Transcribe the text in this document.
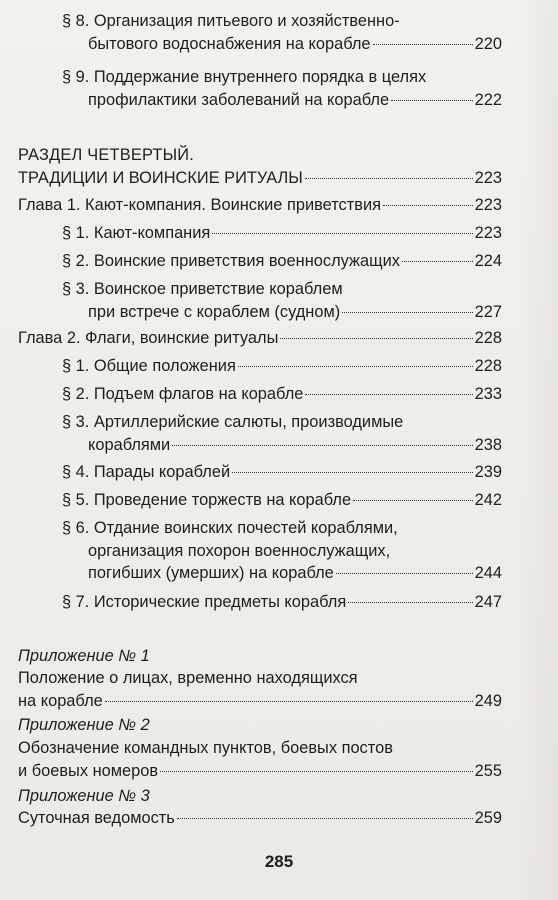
§ 8. Организация питьевого и хозяйственно-
бытового водоснабжения на корабле	220
§ 9. Поддержание внутреннего порядка в целях
профилактики заболеваний на корабле	222
РАЗДЕЛ ЧЕТВЕРТЫЙ.
ТРАДИЦИИ И ВОИНСКИЕ РИТУАЛЫ	223
Глава 1. Кают-компания. Воинские приветствия	223
§ 1. Кают-компания	223
§ 2. Воинские приветствия военнослужащих	224
§ 3. Воинское приветствие кораблем
при встрече с кораблем (судном)	227
Глава 2. Флаги, воинские ритуалы	228
§ 1. Общие положения	228
§ 2. Подъем флагов на корабле	233
§ 3. Артиллерийские салюты, производимые
кораблями	238
§ 4. Парады кораблей	239
§ 5. Проведение торжеств на корабле	242
§ 6. Отдание воинских почестей кораблями,
организация похорон военнослужащих,
погибших (умерших) на корабле	244
§ 7. Исторические предметы корабля	247
Приложение № 1
Положение о лицах, временно находящихся
на корабле	249
Приложение № 2
Обозначение командных пунктов, боевых постов
и боевых номеров	255
Приложение № 3
Суточная ведомость	259
285
